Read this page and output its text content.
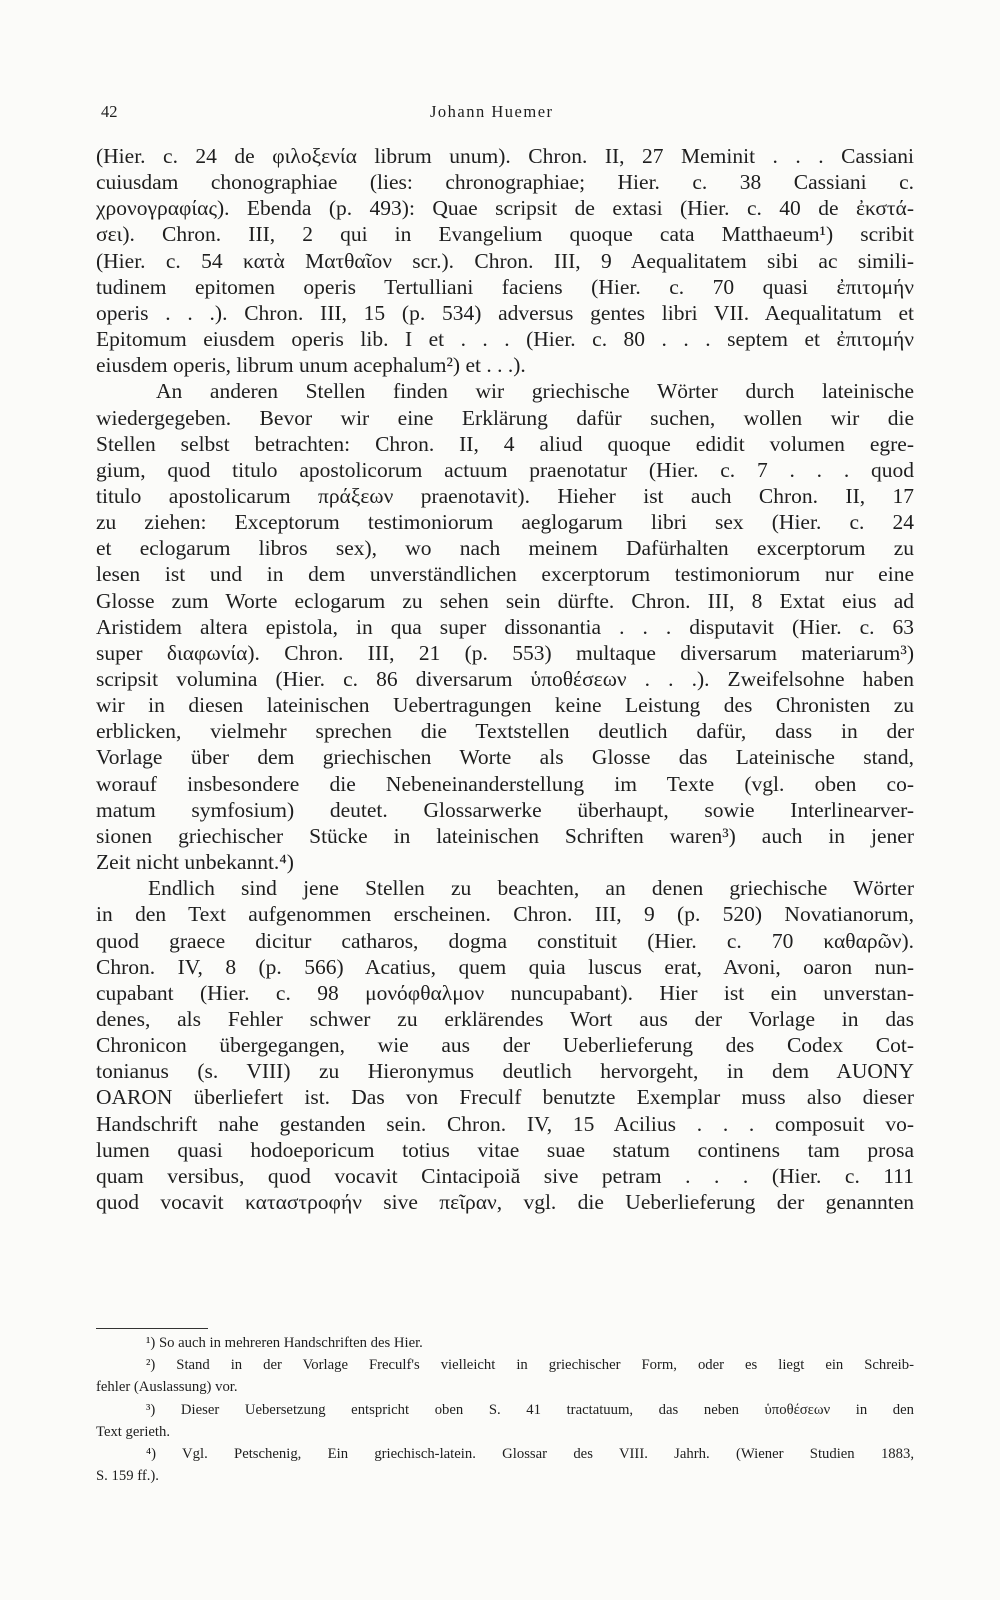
42	Johann Huemer
(Hier. c. 24 de φιλοξενία librum unum). Chron. II, 27 Meminit . . . Cassiani
cuiusdam chonographiae (lies: chronographiae; Hier. c. 38 Cassiani c.
χρονογραφίας). Ebenda (p. 493): Quae scripsit de extasi (Hier. c. 40 de ἐκστά-
σει). Chron. III, 2 qui in Evangelium quoque cata Matthaeum¹) scribit
(Hier. c. 54 κατὰ Ματθαῖον scr.). Chron. III, 9 Aequalitatem sibi ac simili-
tudinem epitomen operis Tertulliani faciens (Hier. c. 70 quasi ἐπιτομήν
operis . . .). Chron. III, 15 (p. 534) adversus gentes libri VII. Aequalitatum et
Epitomum eiusdem operis lib. I et . . . (Hier. c. 80 . . . septem et ἐπιτομήν
eiusdem operis, librum unum acephalum²) et . . .).
An anderen Stellen finden wir griechische Wörter durch lateinische
wiedergegeben. Bevor wir eine Erklärung dafür suchen, wollen wir die
Stellen selbst betrachten: Chron. II, 4 aliud quoque edidit volumen egre-
gium, quod titulo apostolicorum actuum praenotatur (Hier. c. 7 . . . quod
titulo apostolicarum πράξεων praenotavit). Hieher ist auch Chron. II, 17
zu ziehen: Exceptorum testimoniorum aeglogarum libri sex (Hier. c. 24
et eclogarum libros sex), wo nach meinem Dafürhalten excerptorum zu
lesen ist und in dem unverständlichen excerptorum testimoniorum nur eine
Glosse zum Worte eclogarum zu sehen sein dürfte. Chron. III, 8 Extat eius ad
Aristidem altera epistola, in qua super dissonantia . . . disputavit (Hier. c. 63
super διαφωνία). Chron. III, 21 (p. 553) multaque diversarum materiarum³)
scripsit volumina (Hier. c. 86 diversarum ὑποθέσεων . . .). Zweifelsohne haben
wir in diesen lateinischen Uebertragungen keine Leistung des Chronisten zu
erblicken, vielmehr sprechen die Textstellen deutlich dafür, dass in der
Vorlage über dem griechischen Worte als Glosse das Lateinische stand,
worauf insbesondere die Nebeneinanderstellung im Texte (vgl. oben co-
matum symfosium) deutet. Glossarwerke überhaupt, sowie Interlinearver-
sionen griechischer Stücke in lateinischen Schriften waren³) auch in jener
Zeit nicht unbekannt.⁴)
Endlich sind jene Stellen zu beachten, an denen griechische Wörter
in den Text aufgenommen erscheinen. Chron. III, 9 (p. 520) Novatianorum,
quod graece dicitur catharos, dogma constituit (Hier. c. 70 καθαρῶν).
Chron. IV, 8 (p. 566) Acatius, quem quia luscus erat, Avoni, oaron nun-
cupabant (Hier. c. 98 μονόφθαλμον nuncupabant). Hier ist ein unverstan-
denes, als Fehler schwer zu erklärendes Wort aus der Vorlage in das
Chronicon übergegangen, wie aus der Ueberlieferung des Codex Cot-
tonianus (s. VIII) zu Hieronymus deutlich hervorgeht, in dem AUONY
OARON überliefert ist. Das von Freculf benutzte Exemplar muss also dieser
Handschrift nahe gestanden sein. Chron. IV, 15 Acilius . . . composuit vo-
lumen quasi hodoeporicum totius vitae suae statum continens tam prosa
quam versibus, quod vocavit Cintacipoiă sive petram . . . (Hier. c. 111
quod vocavit καταστροφήν sive πεῖραν, vgl. die Ueberlieferung der genannten
¹) So auch in mehreren Handschriften des Hier.
²) Stand in der Vorlage Freculf's vielleicht in griechischer Form, oder es liegt ein Schreib-
fehler (Auslassung) vor.
³) Dieser Uebersetzung entspricht oben S. 41 tractatuum, das neben ὑποθέσεων in den
Text gerieth.
⁴) Vgl. Petschenig, Ein griechisch-latein. Glossar des VIII. Jahrh. (Wiener Studien 1883,
S. 159 ff.).
